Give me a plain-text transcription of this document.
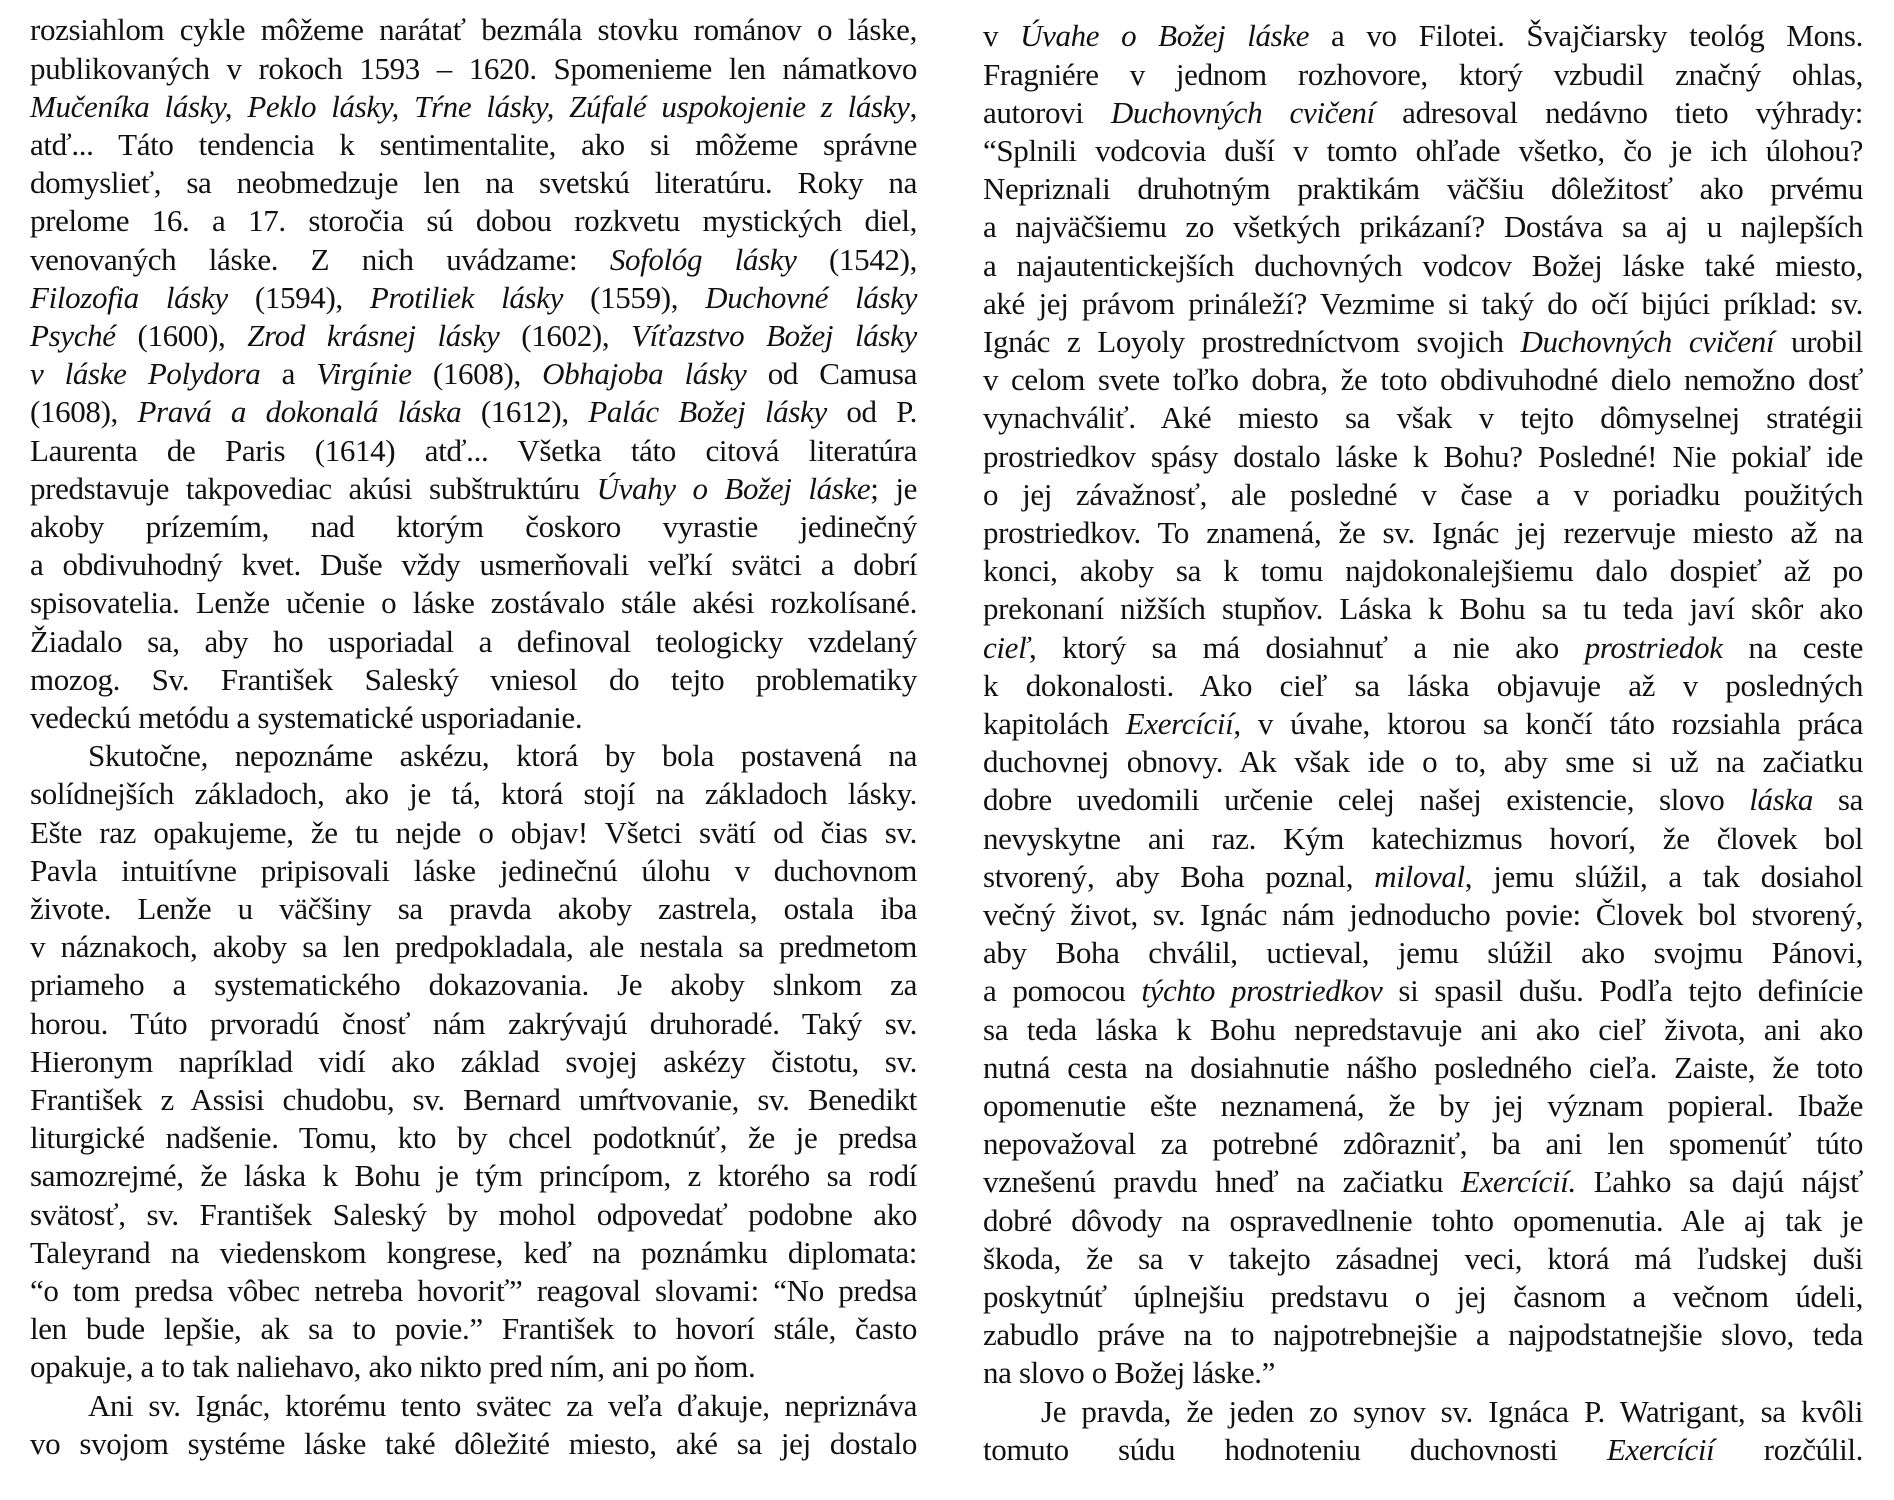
rozsiahlom cykle môžeme narátať bezmála stovku románov o láske,
publikovaných v rokoch 1593 – 1620. Spomenieme len námatkovo
Mučeníka lásky, Peklo lásky, Tŕne lásky, Zúfalé uspokojenie z lásky,
atď... Táto tendencia k sentimentalite, ako si môžeme správne
domyslieť, sa neobmedzuje len na svetskú literatúru. Roky na
prelome 16. a 17. storočia sú dobou rozkvetu mystických diel,
venovaných láske. Z nich uvádzame: Sofológ lásky (1542),
Filozofia lásky (1594), Protiliek lásky (1559), Duchovné lásky
Psyché (1600), Zrod krásnej lásky (1602), Víťazstvo Božej lásky
v láske Polydora a Virgínie (1608), Obhajoba lásky od Camusa
(1608), Pravá a dokonalá láska (1612), Palác Božej lásky od P.
Laurenta de Paris (1614) atď... Všetka táto citová literatúra
predstavuje takpovediac akúsi subštruktúru Úvahy o Božej láske; je
akoby prízemím, nad ktorým čoskoro vyrastie jedinečný
a obdivuhodný kvet. Duše vždy usmerňovali veľkí svätci a dobrí
spisovatelia. Lenže učenie o láske zostávalo stále akési rozkolísané.
Žiadalo sa, aby ho usporiadal a definoval teologicky vzdelaný
mozog. Sv. František Saleský vniesol do tejto problematiky
vedeckú metódu a systematické usporiadanie.
Skutočne, nepoznáme askézu, ktorá by bola postavená na
solídnejších základoch, ako je tá, ktorá stojí na základoch lásky.
Ešte raz opakujeme, že tu nejde o objav! Všetci svätí od čias sv.
Pavla intuitívne pripisovali láske jedinečnú úlohu v duchovnom
živote. Lenže u väčšiny sa pravda akoby zastrela, ostala iba
v náznakoch, akoby sa len predpokladala, ale nestala sa predmetom
priameho a systematického dokazovania. Je akoby slnkom za
horou. Túto prvoradú čnosť nám zakrývajú druhoradé. Taký sv.
Hieronym napríklad vidí ako základ svojej askézy čistotu, sv.
František z Assisi chudobu, sv. Bernard umŕtvovanie, sv. Benedikt
liturgické nadšenie. Tomu, kto by chcel podotknúť, že je predsa
samozrejmé, že láska k Bohu je tým princípom, z ktorého sa rodí
svätosť, sv. František Saleský by mohol odpovedať podobne ako
Taleyrand na viedenskom kongrese, keď na poznámku diplomata:
“o tom predsa vôbec netreba hovoriť” reagoval slovami: “No predsa
len bude lepšie, ak sa to povie.” František to hovorí stále, často
opakuje, a to tak naliehavo, ako nikto pred ním, ani po ňom.
Ani sv. Ignác, ktorému tento svätec za veľa ďakuje, nepriznáva
vo svojom systéme láske také dôležité miesto, aké sa jej dostalo
v Úvahe o Božej láske a vo Filotei. Švajčiarsky teológ Mons.
Fragniére v jednom rozhovore, ktorý vzbudil značný ohlas,
autorovi Duchovných cvičení adresoval nedávno tieto výhrady:
“Splnili vodcovia duší v tomto ohľade všetko, čo je ich úlohou?
Nepriznali druhotným praktikám väčšiu dôležitosť ako prvému
a najväčšiemu zo všetkých prikázaní? Dostáva sa aj u najlepších
a najautentickejších duchovných vodcov Božej láske také miesto,
aké jej právom prináleží? Vezmime si taký do očí bijúci príklad: sv.
Ignác z Loyoly prostredníctvom svojich Duchovných cvičení urobil
v celom svete toľko dobra, že toto obdivuhodné dielo nemožno dosť
vynachváliť. Aké miesto sa však v tejto dômyselnej stratégii
prostriedkov spásy dostalo láske k Bohu? Posledné! Nie pokiaľ ide
o jej závažnosť, ale posledné v čase a v poriadku použitých
prostriedkov. To znamená, že sv. Ignác jej rezervuje miesto až na
konci, akoby sa k tomu najdokonalejšiemu dalo dospieť až po
prekonaní nižších stupňov. Láska k Bohu sa tu teda javí skôr ako
cieľ, ktorý sa má dosiahnuť a nie ako prostriedok na ceste
k dokonalosti. Ako cieľ sa láska objavuje až v posledných
kapitolách Exercícií, v úvahe, ktorou sa končí táto rozsiahla práca
duchovnej obnovy. Ak však ide o to, aby sme si už na začiatku
dobre uvedomili určenie celej našej existencie, slovo láska sa
nevyskytne ani raz. Kým katechizmus hovorí, že človek bol
stvorený, aby Boha poznal, miloval, jemu slúžil, a tak dosiahol
večný život, sv. Ignác nám jednoducho povie: Človek bol stvorený,
aby Boha chválil, uctieval, jemu slúžil ako svojmu Pánovi,
a pomocou týchto prostriedkov si spasil dušu. Podľa tejto definície
sa teda láska k Bohu nepredstavuje ani ako cieľ života, ani ako
nutná cesta na dosiahnutie nášho posledného cieľa. Zaiste, že toto
opomenutie ešte neznamená, že by jej význam popieral. Ibaže
nepovažoval za potrebné zdôrazniť, ba ani len spomenúť túto
vznešenú pravdu hneď na začiatku Exercícií. Ľahko sa dajú nájsť
dobré dôvody na ospravedlnenie tohto opomenutia. Ale aj tak je
škoda, že sa v takejto zásadnej veci, ktorá má ľudskej duši
poskytnúť úplnejšiu predstavu o jej časnom a večnom údeli,
zabudlo práve na to najpotrebnejšie a najpodstatnejšie slovo, teda
na slovo o Božej láske.”
Je pravda, že jeden zo synov sv. Ignáca P. Watrigant, sa kvôli
tomuto súdu hodnoteniu duchovnosti Exercícií rozčúlil.
